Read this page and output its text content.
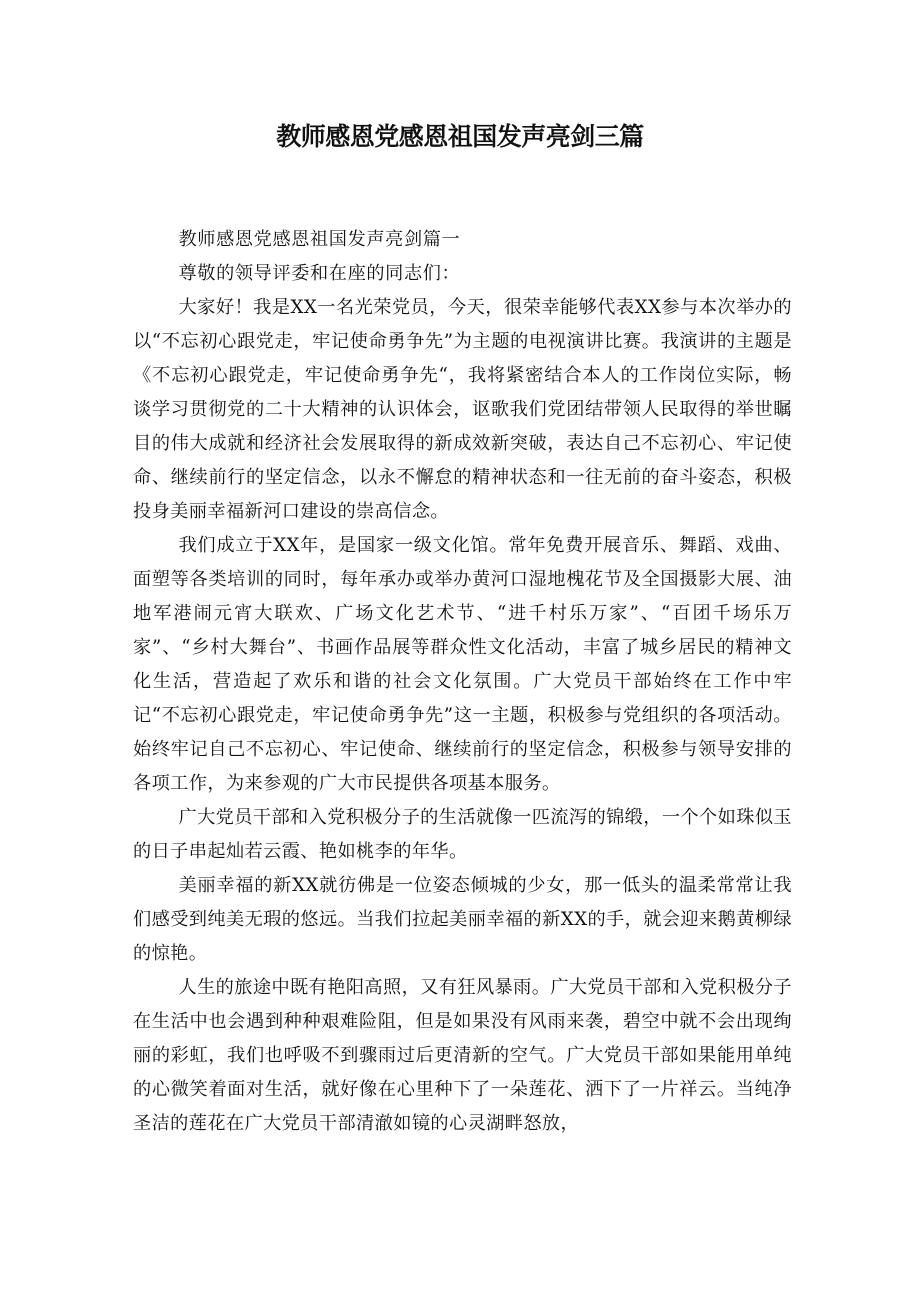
教师感恩党感恩祖国发声亮剑三篇

教师感恩党感恩祖国发声亮剑篇一

尊敬的领导评委和在座的同志们：

大家好！我是XX一名光荣党员，今天，很荣幸能够代表XX参与本次举办的以“不忘初心跟党走，牢记使命勇争先”为主题的电视演讲比赛。我演讲的主题是《不忘初心跟党走，牢记使命勇争先“，我将紧密结合本人的工作岗位实际，畅谈学习贯彻党的二十大精神的认识体会，讴歌我们党团结带领人民取得的举世瞩目的伟大成就和经济社会发展取得的新成效新突破，表达自己不忘初心、牢记使命、继续前行的坚定信念，以永不懈怠的精神状态和一往无前的奋斗姿态，积极投身美丽幸福新河口建设的崇高信念。

我们成立于XX年，是国家一级文化馆。常年免费开展音乐、舞蹈、戏曲、面塑等各类培训的同时，每年承办或举办黄河口湿地槐花节及全国摄影大展、油地军港闹元宵大联欢、广场文化艺术节、“进千村乐万家”、“百团千场乐万家”、“乡村大舞台”、书画作品展等群众性文化活动，丰富了城乡居民的精神文化生活，营造起了欢乐和谐的社会文化氛围。广大党员干部始终在工作中牢记“不忘初心跟党走，牢记使命勇争先”这一主题，积极参与党组织的各项活动。始终牢记自己不忘初心、牢记使命、继续前行的坚定信念，积极参与领导安排的各项工作，为来参观的广大市民提供各项基本服务。

广大党员干部和入党积极分子的生活就像一匹流泻的锦缎，一个个如珠似玉的日子串起灿若云霞、艳如桃李的年华。

美丽幸福的新XX就彷佛是一位姿态倾城的少女，那一低头的温柔常常让我们感受到纯美无瑕的悠远。当我们拉起美丽幸福的新XX的手，就会迎来鹅黄柳绿的惊艳。

人生的旅途中既有艳阳高照，又有狂风暴雨。广大党员干部和入党积极分子在生活中也会遇到种种艰难险阻，但是如果没有风雨来袭，碧空中就不会出现绚丽的彩虹，我们也呼吸不到骤雨过后更清新的空气。广大党员干部如果能用单纯的心微笑着面对生活，就好像在心里种下了一朵莲花、洒下了一片祥云。当纯净圣洁的莲花在广大党员干部清澈如镜的心灵湖畔怒放，
